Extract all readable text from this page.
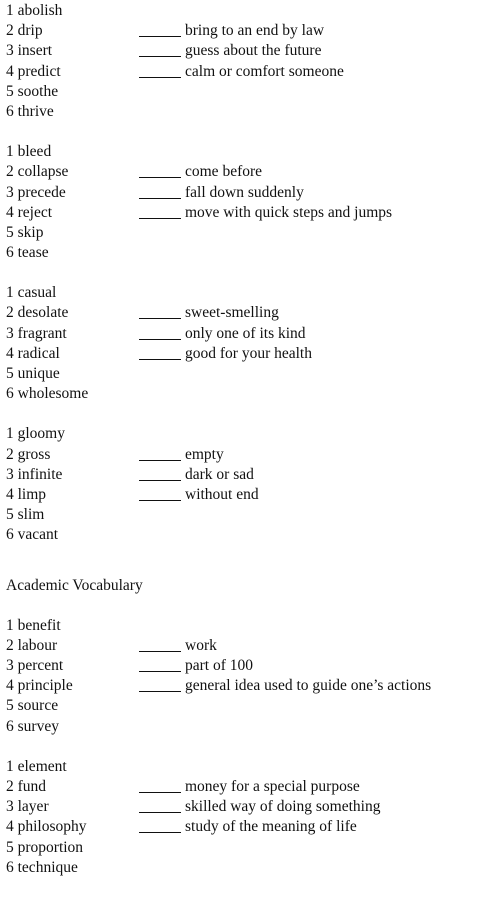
1 abolish
2 drip	bring to an end by law
3 insert	guess about the future
4 predict	calm or comfort someone
5 soothe
6 thrive
1 bleed
2 collapse	come before
3 precede	fall down suddenly
4 reject	move with quick steps and jumps
5 skip
6 tease
1 casual
2 desolate	sweet-smelling
3 fragrant	only one of its kind
4 radical	good for your health
5 unique
6 wholesome
1 gloomy
2 gross	empty
3 infinite	dark or sad
4 limp	without end
5 slim
6 vacant
Academic Vocabulary
1 benefit
2 labour	work
3 percent	part of 100
4 principle	general idea used to guide one’s actions
5 source
6 survey
1 element
2 fund	money for a special purpose
3 layer	skilled way of doing something
4 philosophy	study of the meaning of life
5 proportion
6 technique
